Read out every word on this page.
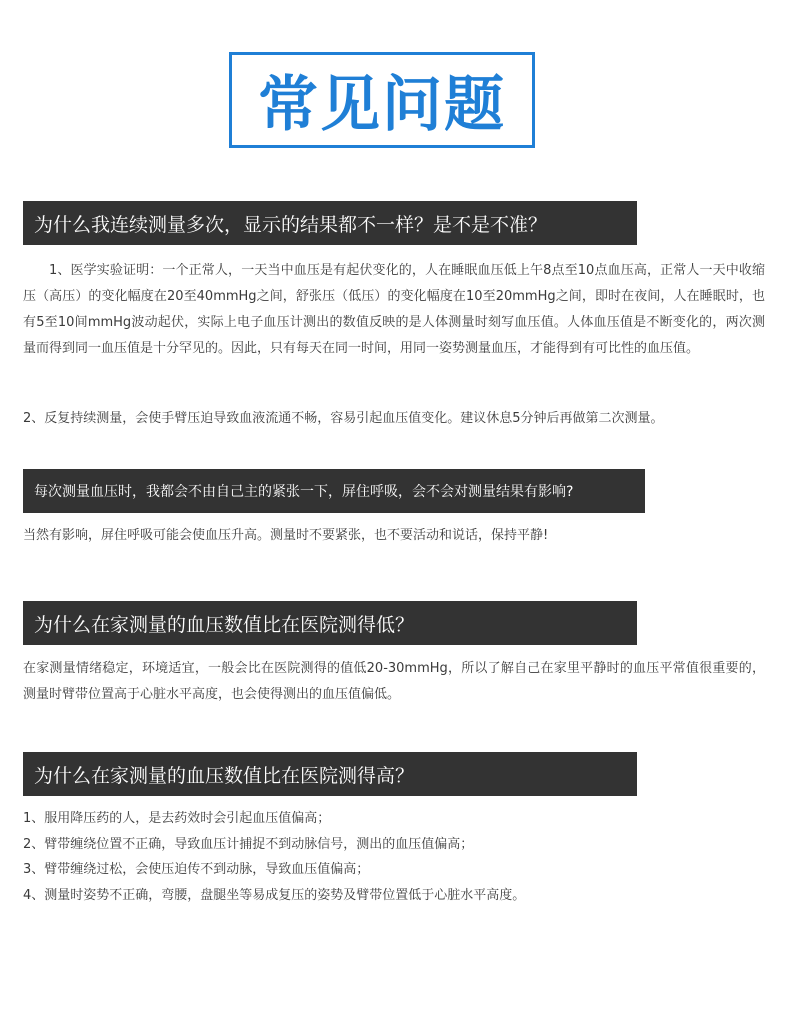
常见问题
为什么我连续测量多次，显示的结果都不一样？是不是不准？
1、医学实验证明：一个正常人，一天当中血压是有起伏变化的，人在睡眠血压低上午8点至10点血压高，正常人一天中收缩压（高压）的变化幅度在20至40mmHg之间，舒张压（低压）的变化幅度在10至20mmHg之间，即时在夜间，人在睡眠时，也有5至10间mmHg波动起伏，实际上电子血压计测出的数值反映的是人体测量时刻写血压值。人体血压值是不断变化的，两次测量而得到同一血压值是十分罕见的。因此，只有每天在同一时间，用同一姿势测量血压，才能得到有可比性的血压值。
2、反复持续测量，会使手臂压迫导致血液流通不畅，容易引起血压值变化。建议休息5分钟后再做第二次测量。
每次测量血压时，我都会不由自己主的紧张一下，屏住呼吸，会不会对测量结果有影响?
当然有影响，屏住呼吸可能会使血压升高。测量时不要紧张，也不要活动和说话，保持平静!
为什么在家测量的血压数值比在医院测得低？
在家测量情绪稳定，环境适宜，一般会比在医院测得的值低20-30mmHg，所以了解自己在家里平静时的血压平常值很重要的，测量时臂带位置高于心脏水平高度，也会使得测出的血压值偏低。
为什么在家测量的血压数值比在医院测得高？
1、服用降压药的人，是去药效时会引起血压值偏高；
2、臂带缠绕位置不正确，导致血压计捕捉不到动脉信号，测出的血压值偏高；
3、臂带缠绕过松，会使压迫传不到动脉，导致血压值偏高；
4、测量时姿势不正确，弯腰，盘腿坐等易成复压的姿势及臂带位置低于心脏水平高度。
